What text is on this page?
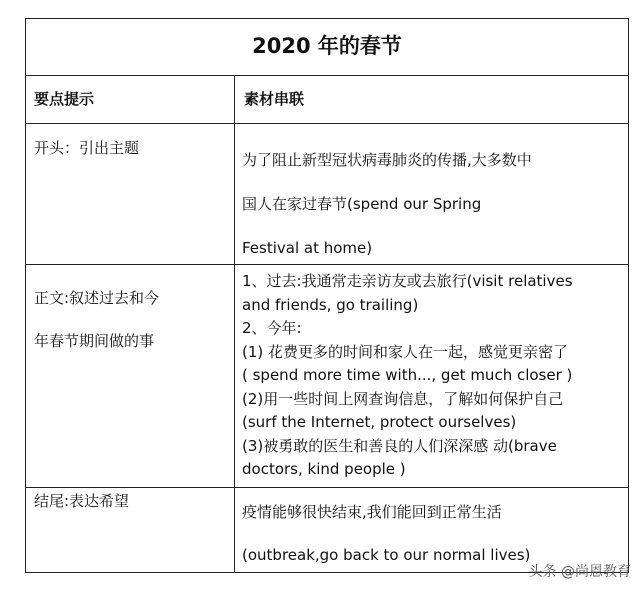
2020 年的春节
要点提示	素材串联
开头：引出主题

为了阻止新型冠状病毒肺炎的传播,大多数中

国人在家过春节(spend our Spring

Festival at home)

正文:叙述过去和今

年春节期间做的事

1、过去:我通常走亲访友或去旅行(visit relatives

and friends, go trailing)

2、今年:

(1) 花费更多的时间和家人在一起，感觉更亲密了

( spend more time with..., get much closer )

(2)用一些时间上网查询信息，了解如何保护自己

(surf the Internet, protect ourselves)

(3)被勇敢的医生和善良的人们深深感 动(brave

doctors, kind people )

结尾:表达希望

疫情能够很快结束,我们能回到正常生活

(outbreak,go back to our normal lives)

头条 @尚恩教育
